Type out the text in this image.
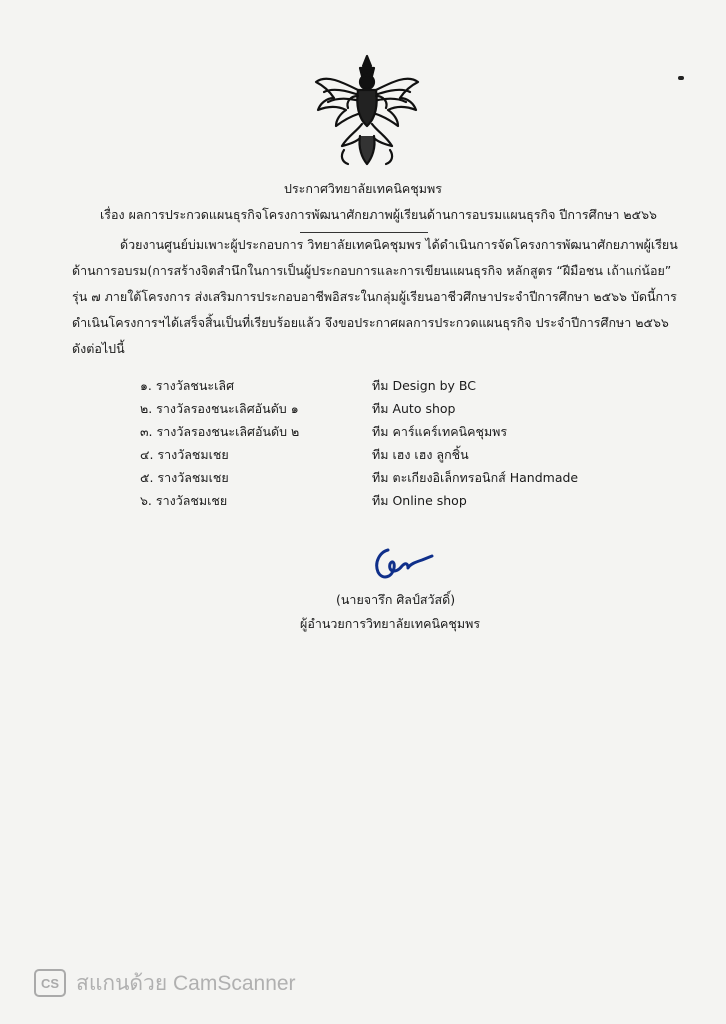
ประกาศวิทยาลัยเทคนิคชุมพร
เรื่อง ผลการประกวดแผนธุรกิจโครงการพัฒนาศักยภาพผู้เรียนด้านการอบรมแผนธุรกิจ ปีการศึกษา ๒๕๖๖
ด้วยงานศูนย์บ่มเพาะผู้ประกอบการ วิทยาลัยเทคนิคชุมพร ได้ดำเนินการจัดโครงการพัฒนาศักยภาพผู้เรียน
ด้านการอบรม(การสร้างจิตสำนึกในการเป็นผู้ประกอบการและการเขียนแผนธุรกิจ หลักสูตร “ฝีมือชน เถ้าแก่น้อย”
รุ่น ๗ ภายใต้โครงการ ส่งเสริมการประกอบอาชีพอิสระในกลุ่มผู้เรียนอาชีวศึกษาประจำปีการศึกษา ๒๕๖๖ บัดนี้การ
ดำเนินโครงการฯได้เสร็จสิ้นเป็นที่เรียบร้อยแล้ว จึงขอประกาศผลการประกวดแผนธุรกิจ ประจำปีการศึกษา ๒๕๖๖
ดังต่อไปนี้
๑. รางวัลชนะเลิศ	ทีม Design by BC
๒. รางวัลรองชนะเลิศอันดับ ๑	ทีม Auto shop
๓. รางวัลรองชนะเลิศอันดับ ๒	ทีม คาร์แคร์เทคนิคชุมพร
๔. รางวัลชมเชย	ทีม เฮง เฮง ลูกชิ้น
๕. รางวัลชมเชย	ทีม ตะเกียงอิเล็กทรอนิกส์ Handmade
๖. รางวัลชมเชย	ทีม Online shop
(นายจารึก ศิลป์สวัสดิ์)
ผู้อำนวยการวิทยาลัยเทคนิคชุมพร
CS สแกนด้วย CamScanner
